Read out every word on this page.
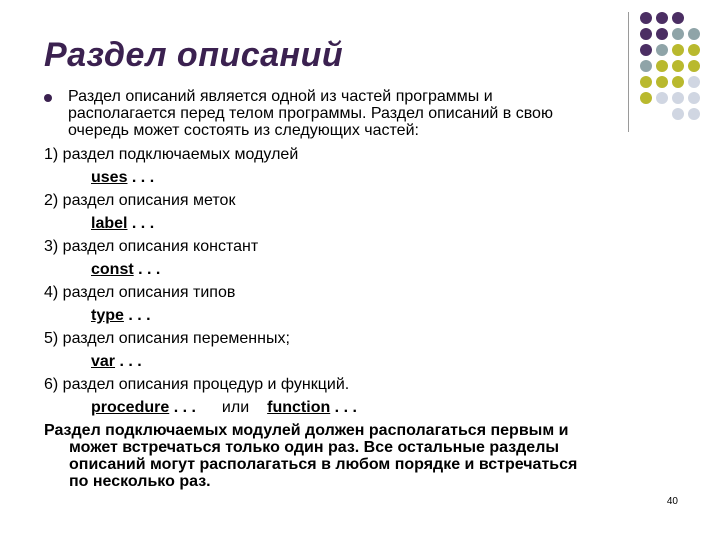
Раздел описаний
Раздел описаний является одной из частей программы и
располагается перед телом программы. Раздел описаний в свою
очередь может состоять из следующих частей:
1) раздел подключаемых модулей
uses . . .
2) раздел описания меток
label . . .
3) раздел описания констант
const . . .
4) раздел описания типов
type . . .
5) раздел описания переменных;
var . . .
6) раздел описания процедур и функций.
procedure . . . или function . . .
Раздел подключаемых модулей должен располагаться первым и
может встречаться только один раз. Все остальные разделы
описаний могут располагаться в любом порядке и встречаться
по несколько раз.
40
